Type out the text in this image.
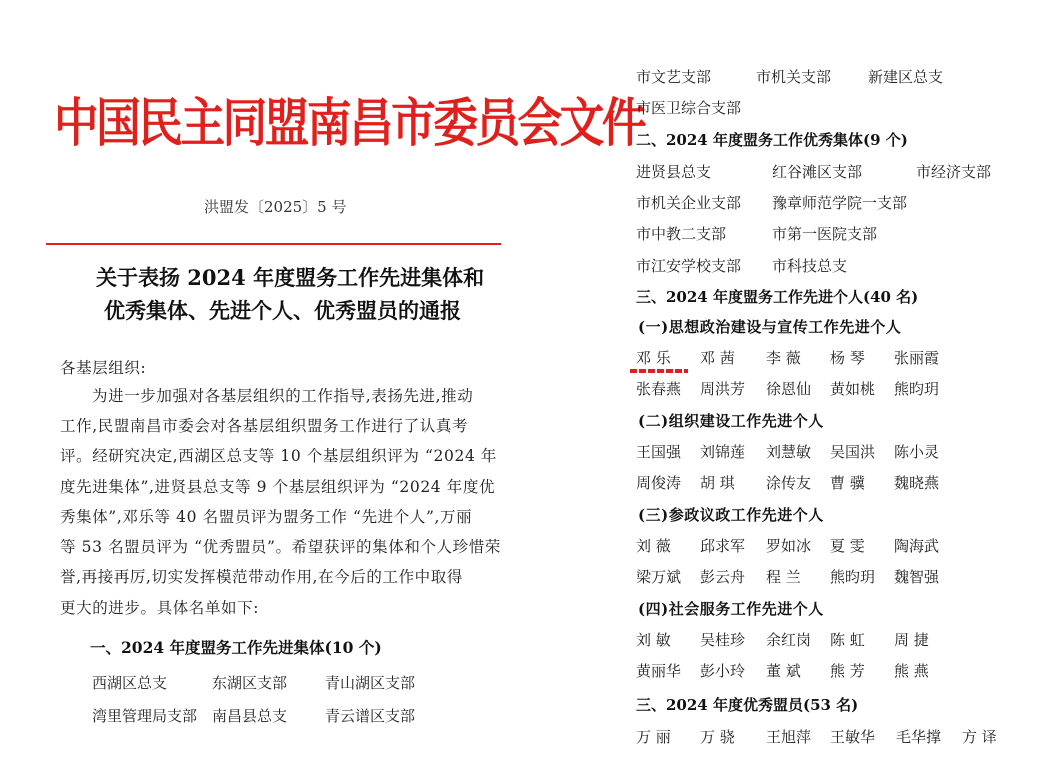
中国民主同盟南昌市委员会文件
洪盟发〔2025〕5 号
关于表扬 2024 年度盟务工作先进集体和
优秀集体、先进个人、优秀盟员的通报
各基层组织:
为进一步加强对各基层组织的工作指导,表扬先进,推动
工作,民盟南昌市委会对各基层组织盟务工作进行了认真考
评。经研究决定,西湖区总支等 10 个基层组织评为 “2024 年
度先进集体”,进贤县总支等 9 个基层组织评为 “2024 年度优
秀集体”,邓乐等 40 名盟员评为盟务工作 “先进个人”,万丽
等 53 名盟员评为 “优秀盟员”。希望获评的集体和个人珍惜荣
誉,再接再厉,切实发挥模范带动作用,在今后的工作中取得
更大的进步。具体名单如下:
一、2024 年度盟务工作先进集体(10 个)
西湖区总支	东湖区支部	青山湖区支部
湾里管理局支部 南昌县总支	青云谱区支部
市文艺支部	市机关支部 新建区总支
市医卫综合支部
二、2024 年度盟务工作优秀集体(9 个)
进贤县总支	红谷滩区支部	市经济支部
市机关企业支部 豫章师范学院一支部
市中教二支部	市第一医院支部
市江安学校支部 市科技总支
三、2024 年度盟务工作先进个人(40 名)
(一)思想政治建设与宣传工作先进个人
邓 乐 邓 茜 李 薇 杨 琴 张丽霞
张春燕 周洪芳 徐恩仙 黄如桃 熊昀玥
(二)组织建设工作先进个人
王国强 刘锦莲 刘慧敏 吴国洪 陈小灵
周俊涛 胡 琪 涂传友 曹 骥 魏晓燕
(三)参政议政工作先进个人
刘 薇 邱求军 罗如冰 夏 雯 陶海武
梁万斌 彭云舟 程 兰 熊昀玥 魏智强
(四)社会服务工作先进个人
刘 敏 吴桂珍 余红岗 陈 虹 周 捷
黄丽华 彭小玲 董 斌 熊 芳 熊 燕
三、2024 年度优秀盟员(53 名)
万 丽 万 骁 王旭萍 王敏华 毛华撑 方 译
